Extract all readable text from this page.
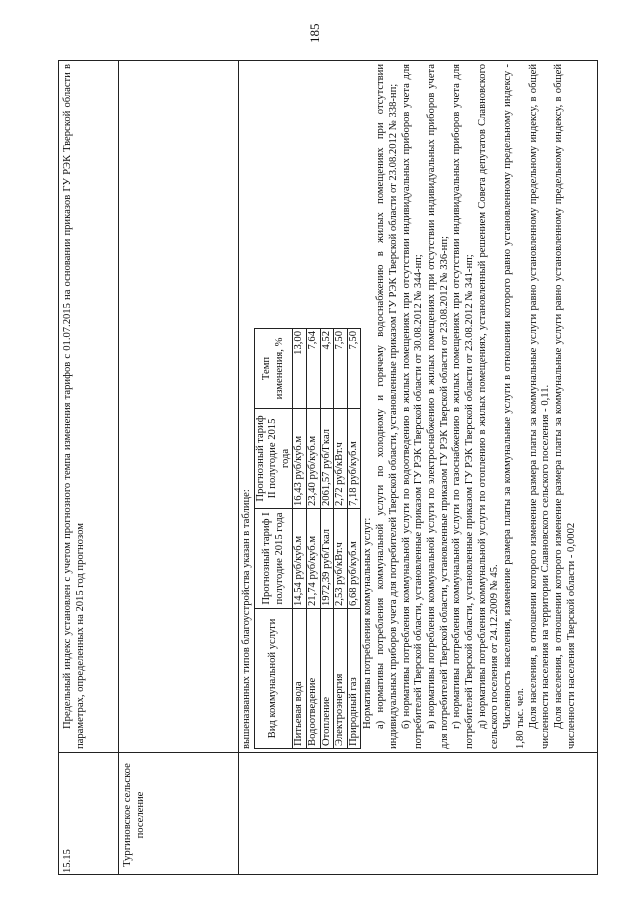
185
вышеназванных типов благоустройства указан в таблице: Вид коммунальной услуги	Прогнозный тариф I полугодие 2015 года	Прогнозный тариф II полугодие 2015 года	Темп изменения, %
Питьевая вода	14,54 руб/куб.м	16,43 руб/куб.м	13,00
Водоотведение	21,74 руб/куб.м	23,40 руб/куб.м	7,64
Отопление	1972,39 руб/Гкал	2061,57 руб/Гкал	4,52
Электроэнергия	2,53 руб/кВт.ч	2,72 руб/кВт.ч	7,50
Природный газ	6,68 руб/куб.м	7,18 руб/куб.м	7,50

Нормативы потребления коммунальных услуг: а) нормативы потребления коммунальной услуги по холодному и горячему водоснабжению в жилых помещениях при отсутствии индивидуальных приборов учета для потребителей Тверской области, установленные приказом ГУ РЭК Тверской области от 23.08.2012 № 338-нп; б) нормативы потребления коммунальной услуги по водоотведению в жилых помещениях при отсутствии индивидуальных приборов учета для потребителей Тверской области, установленные приказом ГУ РЭК Тверской области от 30.08.2012 № 344-нп; в) нормативы потребления коммунальной услуги по электроснабжению в жилых помещениях при отсутствии индивидуальных приборов учета для потребителей Тверской области, установленные приказом ГУ РЭК Тверской области от 23.08.2012 № 336-нп; г) нормативы потребления коммунальной услуги по газоснабжению в жилых помещениях при отсутствии индивидуальных приборов учета для потребителей Тверской области, установленные приказом ГУ РЭК Тверской области от 23.08.2012 № 341-нп; д) нормативы потребления коммунальной услуги по отоплению в жилых помещениях, установленный решением Совета депутатов Славновского сельского поселения от 24.12.2009 № 45. Численность населения, изменение размера платы за коммунальные услуги в отношении которого равно установленному предельному индексу - 1,80 тыс. чел. Доля населения, в отношении которого изменение размера платы за коммунальные услуги равно установленному предельному индексу, в общей численности населения на территории Славновского сельского поселения - 0,11. Доля населения, в отношении которого изменение размера платы за коммунальные услуги равно установленному предельному индексу, в общей численности населения Тверской области - 0,0002

15.15	Тургиновское сельское поселение

Предельный индекс установлен с учетом прогнозного темпа изменения тарифов с 01.07.2015 на основании приказов ГУ РЭК Тверской области в параметрах, определенных на 2015 год прогнозом
